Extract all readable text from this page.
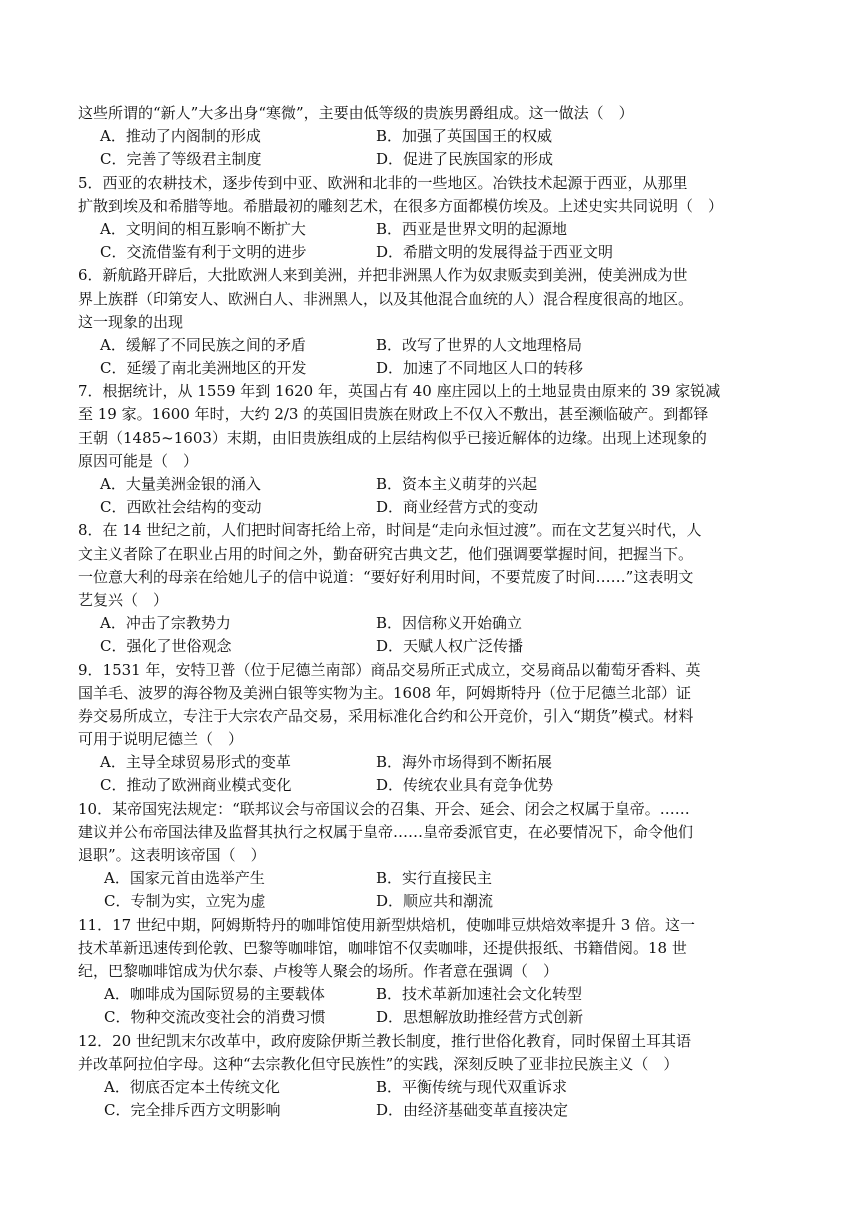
这些所谓的“新人”大多出身“寒微”，主要由低等级的贵族男爵组成。这一做法（　）
A．推动了内阁制的形成	B．加强了英国国王的权威
C．完善了等级君主制度	D．促进了民族国家的形成
5．西亚的农耕技术，逐步传到中亚、欧洲和北非的一些地区。冶铁技术起源于西亚，从那里
扩散到埃及和希腊等地。希腊最初的雕刻艺术，在很多方面都模仿埃及。上述史实共同说明（　）
A．文明间的相互影响不断扩大	B．西亚是世界文明的起源地
C．交流借鉴有利于文明的进步	D．希腊文明的发展得益于西亚文明
6．新航路开辟后，大批欧洲人来到美洲，并把非洲黑人作为奴隶贩卖到美洲，使美洲成为世
界上族群（印第安人、欧洲白人、非洲黑人，以及其他混合血统的人）混合程度很高的地区。
这一现象的出现
A．缓解了不同民族之间的矛盾	B．改写了世界的人文地理格局
C．延缓了南北美洲地区的开发	D．加速了不同地区人口的转移
7．根据统计，从 1559 年到 1620 年，英国占有 40 座庄园以上的土地显贵由原来的 39 家锐减
至 19 家。1600 年时，大约 2/3 的英国旧贵族在财政上不仅入不敷出，甚至濒临破产。到都铎
王朝（1485~1603）末期，由旧贵族组成的上层结构似乎已接近解体的边缘。出现上述现象的
原因可能是（　）
A．大量美洲金银的涌入	B．资本主义萌芽的兴起
C．西欧社会结构的变动	D．商业经营方式的变动
8．在 14 世纪之前，人们把时间寄托给上帝，时间是“走向永恒过渡”。而在文艺复兴时代，人
文主义者除了在职业占用的时间之外，勤奋研究古典文艺，他们强调要掌握时间，把握当下。
一位意大利的母亲在给她儿子的信中说道：“要好好利用时间，不要荒废了时间……”这表明文
艺复兴（　）
A．冲击了宗教势力	B．因信称义开始确立
C．强化了世俗观念	D．天赋人权广泛传播
9．1531 年，安特卫普（位于尼德兰南部）商品交易所正式成立，交易商品以葡萄牙香料、英
国羊毛、波罗的海谷物及美洲白银等实物为主。1608 年，阿姆斯特丹（位于尼德兰北部）证
券交易所成立，专注于大宗农产品交易，采用标准化合约和公开竞价，引入“期货”模式。材料
可用于说明尼德兰（　）
A．主导全球贸易形式的变革	B．海外市场得到不断拓展
C．推动了欧洲商业模式变化	D．传统农业具有竞争优势
10．某帝国宪法规定：“联邦议会与帝国议会的召集、开会、延会、闭会之权属于皇帝。……
建议并公布帝国法律及监督其执行之权属于皇帝……皇帝委派官吏，在必要情况下，命令他们
退职”。这表明该帝国（　）
A．国家元首由选举产生	B．实行直接民主
C．专制为实，立宪为虚	D．顺应共和潮流
11．17 世纪中期，阿姆斯特丹的咖啡馆使用新型烘焙机，使咖啡豆烘焙效率提升 3 倍。这一
技术革新迅速传到伦敦、巴黎等咖啡馆，咖啡馆不仅卖咖啡，还提供报纸、书籍借阅。18 世
纪，巴黎咖啡馆成为伏尔泰、卢梭等人聚会的场所。作者意在强调（　）
A．咖啡成为国际贸易的主要载体	B．技术革新加速社会文化转型
C．物种交流改变社会的消费习惯	D．思想解放助推经营方式创新
12．20 世纪凯末尔改革中，政府废除伊斯兰教长制度，推行世俗化教育，同时保留土耳其语
并改革阿拉伯字母。这种“去宗教化但守民族性”的实践，深刻反映了亚非拉民族主义（　）
A．彻底否定本土传统文化	B．平衡传统与现代双重诉求
C．完全排斥西方文明影响	D．由经济基础变革直接决定
